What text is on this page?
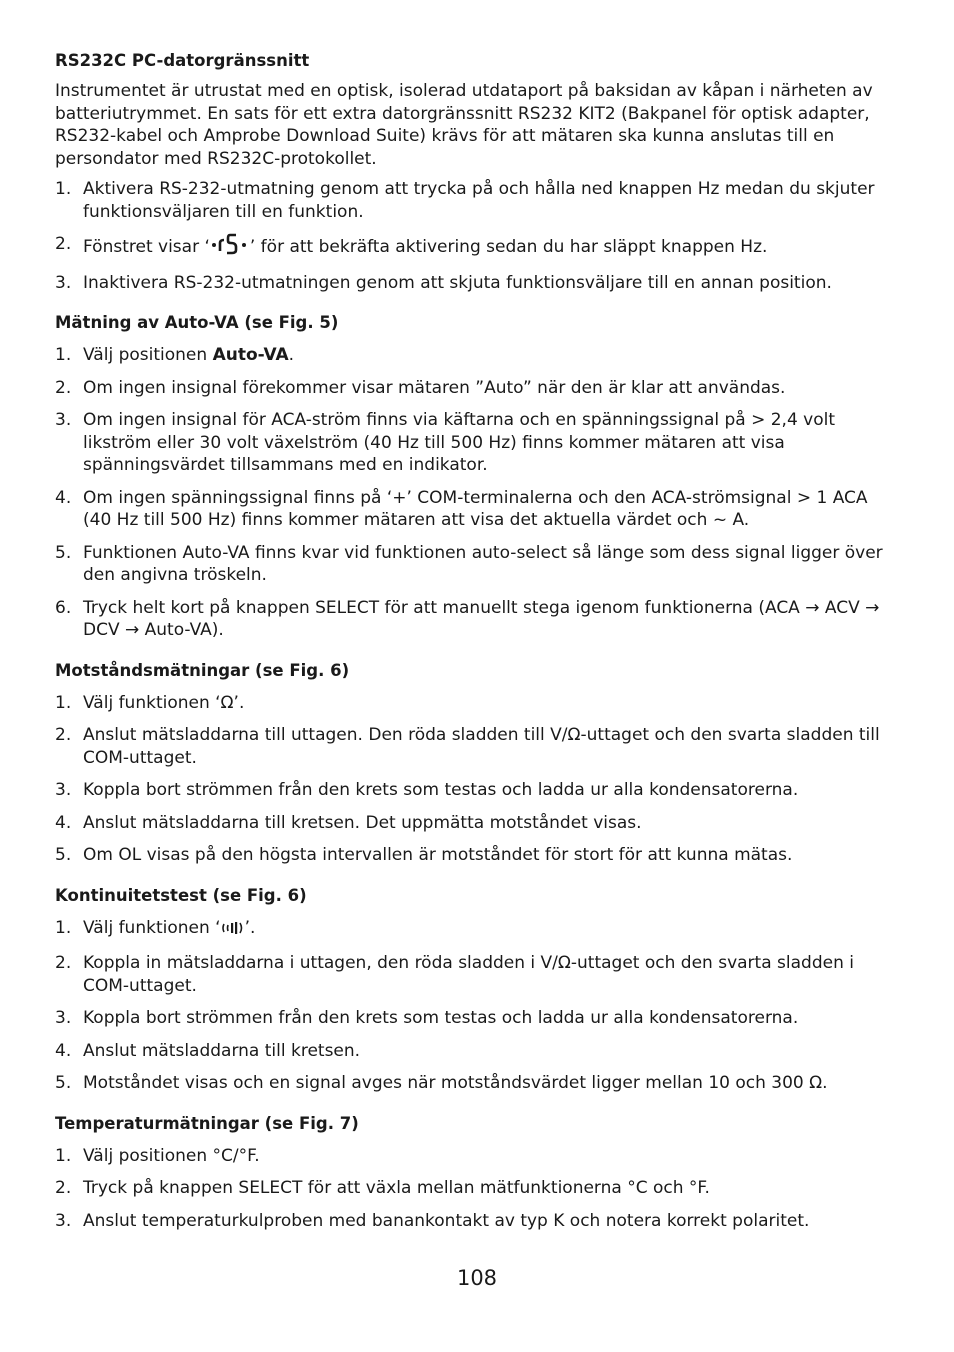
RS232C PC-datorgränssnitt

Instrumentet är utrustat med en optisk, isolerad utdataport på baksidan av kåpan i närheten av batteriutrymmet. En sats för ett extra datorgränssnitt RS232 KIT2 (Bakpanel för optisk adapter, RS232-kabel och Amprobe Download Suite) krävs för att mätaren ska kunna anslutas till en persondator med RS232C-protokollet.

1. Aktivera RS-232-utmatning genom att trycka på och hålla ned knappen Hz medan du skjuter funktionsväljaren till en funktion.
2. Fönstret visar ‘ ’ för att bekräfta aktivering sedan du har släppt knappen Hz.
3. Inaktivera RS-232-utmatningen genom att skjuta funktionsväljare till en annan position.
Mätning av Auto-VA (se Fig. 5)
1. Välj positionen Auto-VA.
2. Om ingen insignal förekommer visar mätaren ”Auto” när den är klar att användas.
3. Om ingen insignal för ACA-ström finns via käftarna och en spänningssignal på > 2,4 volt likström eller 30 volt växelström (40 Hz till 500 Hz) finns kommer mätaren att visa spänningsvärdet tillsammans med en indikator.
4. Om ingen spänningssignal finns på ‘+’ COM-terminalerna och den ACA-strömsignal > 1 ACA (40 Hz till 500 Hz) finns kommer mätaren att visa det aktuella värdet och ~ A.
5. Funktionen Auto-VA finns kvar vid funktionen auto-select så länge som dess signal ligger över den angivna tröskeln.
6. Tryck helt kort på knappen SELECT för att manuellt stega igenom funktionerna (ACA → ACV → DCV → Auto-VA).
Motståndsmätningar (se Fig. 6)
1. Välj funktionen ‘Ω’.
2. Anslut mätsladdarna till uttagen. Den röda sladden till V/Ω-uttaget och den svarta sladden till COM-uttaget.
3. Koppla bort strömmen från den krets som testas och ladda ur alla kondensatorerna.
4. Anslut mätsladdarna till kretsen. Det uppmätta motståndet visas.
5. Om OL visas på den högsta intervallen är motståndet för stort för att kunna mätas.
Kontinuitetstest (se Fig. 6)
1. Välj funktionen ‘ ’.
2. Koppla in mätsladdarna i uttagen, den röda sladden i V/Ω-uttaget och den svarta sladden i COM-uttaget.
3. Koppla bort strömmen från den krets som testas och ladda ur alla kondensatorerna.
4. Anslut mätsladdarna till kretsen.
5. Motståndet visas och en signal avges när motståndsvärdet ligger mellan 10 och 300 Ω.
Temperaturmätningar (se Fig. 7)
1. Välj positionen °C/°F.
2. Tryck på knappen SELECT för att växla mellan mätfunktionerna °C och °F.
3. Anslut temperaturkulproben med banankontakt av typ K och notera korrekt polaritet.
108
